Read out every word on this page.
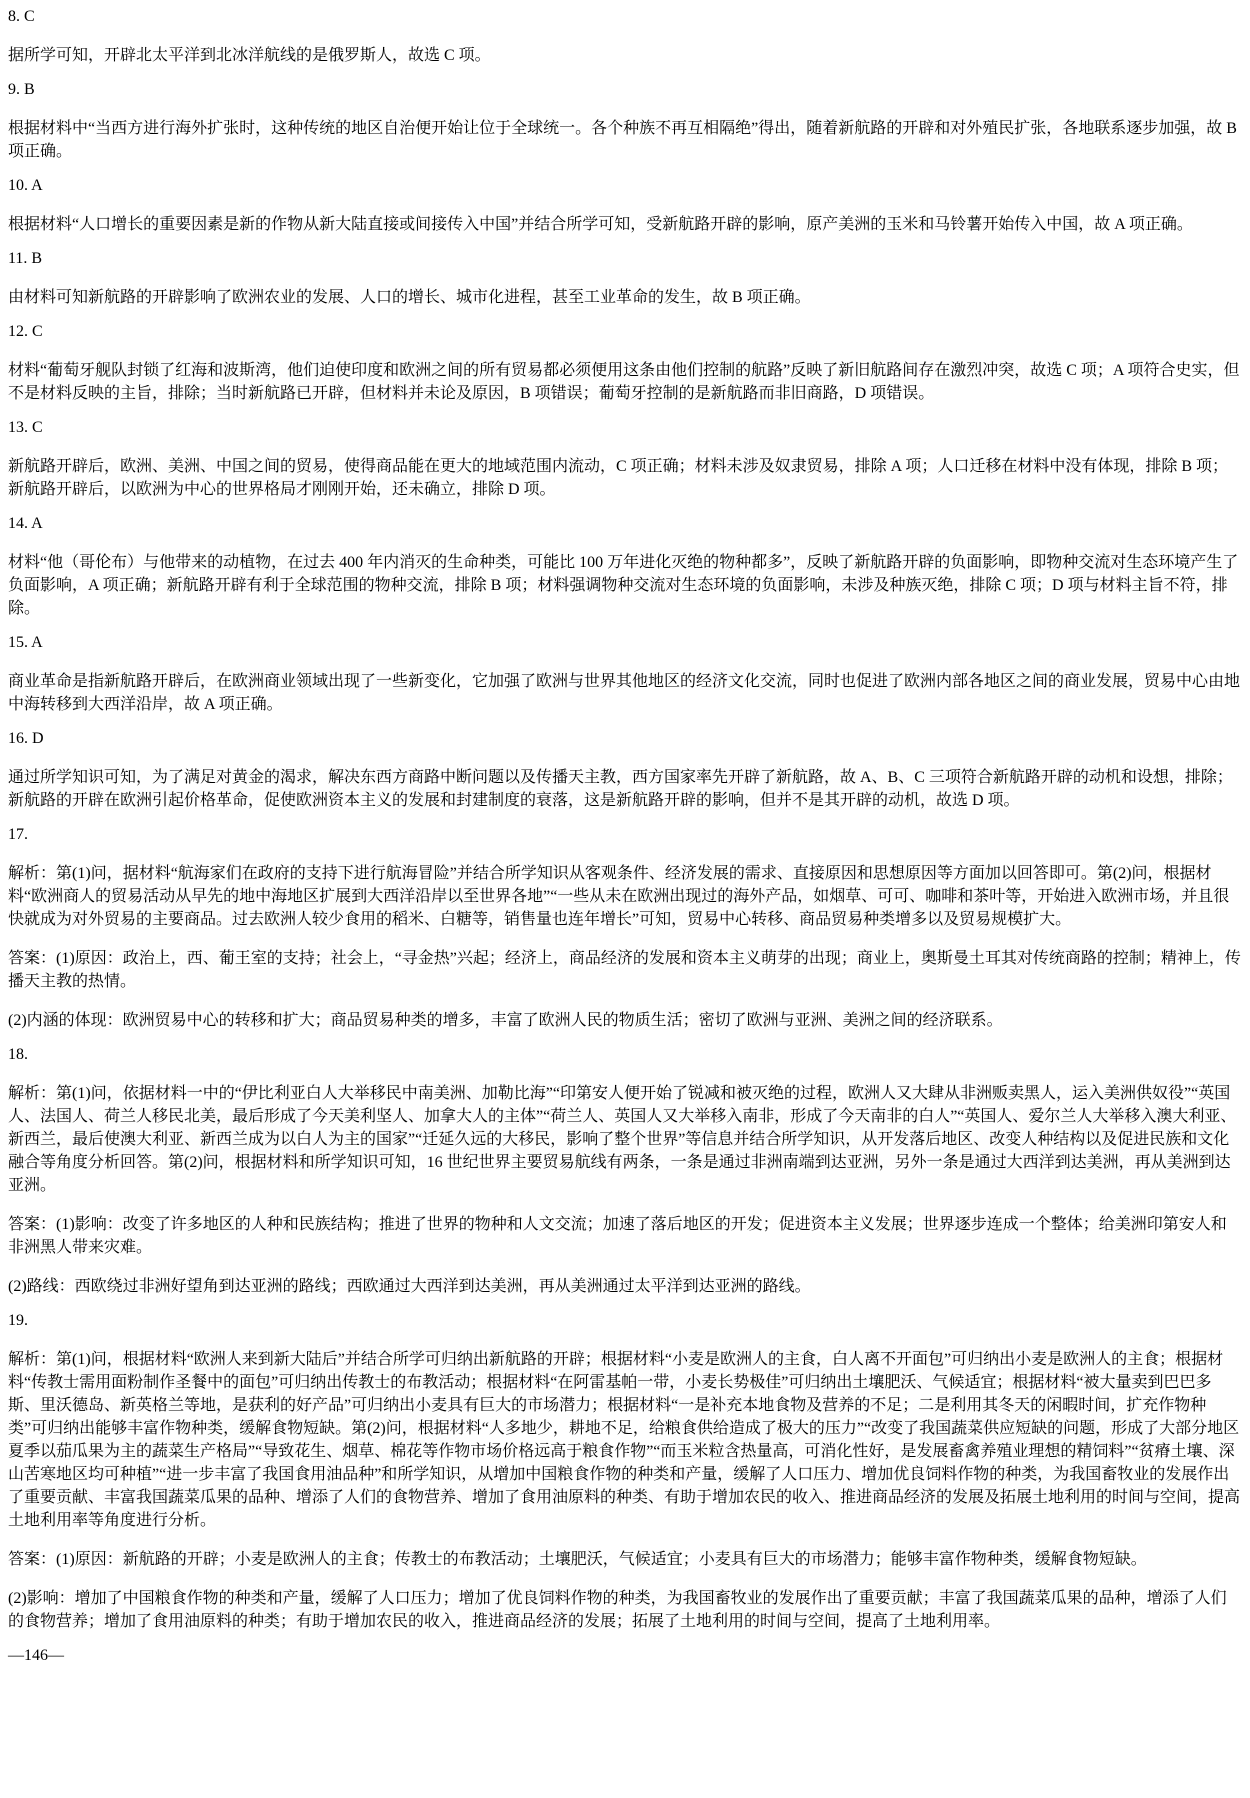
8. C

据所学可知，开辟北太平洋到北冰洋航线的是俄罗斯人，故选 C 项。

9. B

根据材料中“当西方进行海外扩张时，这种传统的地区自治便开始让位于全球统一。各个种族不再互相隔绝”得出，随着新航路的开辟和对外殖民扩张，各地联系逐步加强，故 B 项正确。

10. A

根据材料“人口增长的重要因素是新的作物从新大陆直接或间接传入中国”并结合所学可知，受新航路开辟的影响，原产美洲的玉米和马铃薯开始传入中国，故 A 项正确。

11. B

由材料可知新航路的开辟影响了欧洲农业的发展、人口的增长、城市化进程，甚至工业革命的发生，故 B 项正确。

12. C

材料“葡萄牙舰队封锁了红海和波斯湾，他们迫使印度和欧洲之间的所有贸易都必须便用这条由他们控制的航路”反映了新旧航路间存在激烈冲突，故选 C 项；A 项符合史实，但不是材料反映的主旨，排除；当时新航路已开辟，但材料并未论及原因，B 项错误；葡萄牙控制的是新航路而非旧商路，D 项错误。

13. C

新航路开辟后，欧洲、美洲、中国之间的贸易，使得商品能在更大的地域范围内流动，C 项正确；材料未涉及奴隶贸易，排除 A 项；人口迁移在材料中没有体现，排除 B 项；新航路开辟后，以欧洲为中心的世界格局才刚刚开始，还未确立，排除 D 项。

14. A

材料“他（哥伦布）与他带来的动植物，在过去 400 年内消灭的生命种类，可能比 100 万年进化灭绝的物种都多”，反映了新航路开辟的负面影响，即物种交流对生态环境产生了负面影响，A 项正确；新航路开辟有利于全球范围的物种交流，排除 B 项；材料强调物种交流对生态环境的负面影响，未涉及种族灭绝，排除 C 项；D 项与材料主旨不符，排除。

15. A

商业革命是指新航路开辟后，在欧洲商业领域出现了一些新变化，它加强了欧洲与世界其他地区的经济文化交流，同时也促进了欧洲内部各地区之间的商业发展，贸易中心由地中海转移到大西洋沿岸，故 A 项正确。

16. D

通过所学知识可知，为了满足对黄金的渴求，解决东西方商路中断问题以及传播天主教，西方国家率先开辟了新航路，故 A、B、C 三项符合新航路开辟的动机和设想，排除；新航路的开辟在欧洲引起价格革命，促使欧洲资本主义的发展和封建制度的衰落，这是新航路开辟的影响，但并不是其开辟的动机，故选 D 项。

17.

解析：第(1)问，据材料“航海家们在政府的支持下进行航海冒险”并结合所学知识从客观条件、经济发展的需求、直接原因和思想原因等方面加以回答即可。第(2)问，根据材料“欧洲商人的贸易活动从早先的地中海地区扩展到大西洋沿岸以至世界各地”“一些从未在欧洲出现过的海外产品，如烟草、可可、咖啡和茶叶等，开始进入欧洲市场，并且很快就成为对外贸易的主要商品。过去欧洲人较少食用的稻米、白糖等，销售量也连年增长”可知，贸易中心转移、商品贸易种类增多以及贸易规模扩大。

答案：(1)原因：政治上，西、葡王室的支持；社会上，“寻金热”兴起；经济上，商品经济的发展和资本主义萌芽的出现；商业上，奥斯曼土耳其对传统商路的控制；精神上，传播天主教的热情。

(2)内涵的体现：欧洲贸易中心的转移和扩大；商品贸易种类的增多，丰富了欧洲人民的物质生活；密切了欧洲与亚洲、美洲之间的经济联系。

18.

解析：第(1)问，依据材料一中的“伊比利亚白人大举移民中南美洲、加勒比海”“印第安人便开始了锐减和被灭绝的过程，欧洲人又大肆从非洲贩卖黑人，运入美洲供奴役”“英国人、法国人、荷兰人移民北美，最后形成了今天美利坚人、加拿大人的主体”“荷兰人、英国人又大举移入南非，形成了今天南非的白人”“英国人、爱尔兰人大举移入澳大利亚、新西兰，最后使澳大利亚、新西兰成为以白人为主的国家”“迁延久远的大移民，影响了整个世界”等信息并结合所学知识，从开发落后地区、改变人种结构以及促进民族和文化融合等角度分析回答。第(2)问，根据材料和所学知识可知，16 世纪世界主要贸易航线有两条，一条是通过非洲南端到达亚洲，另外一条是通过大西洋到达美洲，再从美洲到达亚洲。

答案：(1)影响：改变了许多地区的人种和民族结构；推进了世界的物种和人文交流；加速了落后地区的开发；促进资本主义发展；世界逐步连成一个整体；给美洲印第安人和非洲黑人带来灾难。

(2)路线：西欧绕过非洲好望角到达亚洲的路线；西欧通过大西洋到达美洲，再从美洲通过太平洋到达亚洲的路线。

19.

解析：第(1)问，根据材料“欧洲人来到新大陆后”并结合所学可归纳出新航路的开辟；根据材料“小麦是欧洲人的主食，白人离不开面包”可归纳出小麦是欧洲人的主食；根据材料“传教士需用面粉制作圣餐中的面包”可归纳出传教士的布教活动；根据材料“在阿雷基帕一带，小麦长势极佳”可归纳出土壤肥沃、气候适宜；根据材料“被大量卖到巴巴多斯、里沃德岛、新英格兰等地，是获利的好产品”可归纳出小麦具有巨大的市场潜力；根据材料“一是补充本地食物及营养的不足；二是利用其冬天的闲暇时间，扩充作物种类”可归纳出能够丰富作物种类，缓解食物短缺。第(2)问，根据材料“人多地少，耕地不足，给粮食供给造成了极大的压力”“改变了我国蔬菜供应短缺的问题，形成了大部分地区夏季以茄瓜果为主的蔬菜生产格局”“导致花生、烟草、棉花等作物市场价格远高于粮食作物”“而玉米粒含热量高，可消化性好，是发展畜禽养殖业理想的精饲料”“贫瘠土壤、深山苦寒地区均可种植”“进一步丰富了我国食用油品种”和所学知识，从增加中国粮食作物的种类和产量，缓解了人口压力、增加优良饲料作物的种类，为我国畜牧业的发展作出了重要贡献、丰富我国蔬菜瓜果的品种、增添了人们的食物营养、增加了食用油原料的种类、有助于增加农民的收入、推进商品经济的发展及拓展土地利用的时间与空间，提高土地利用率等角度进行分析。

答案：(1)原因：新航路的开辟；小麦是欧洲人的主食；传教士的布教活动；土壤肥沃，气候适宜；小麦具有巨大的市场潜力；能够丰富作物种类，缓解食物短缺。

(2)影响：增加了中国粮食作物的种类和产量，缓解了人口压力；增加了优良饲料作物的种类，为我国畜牧业的发展作出了重要贡献；丰富了我国蔬菜瓜果的品种，增添了人们的食物营养；增加了食用油原料的种类；有助于增加农民的收入，推进商品经济的发展；拓展了土地利用的时间与空间，提高了土地利用率。

—146—
